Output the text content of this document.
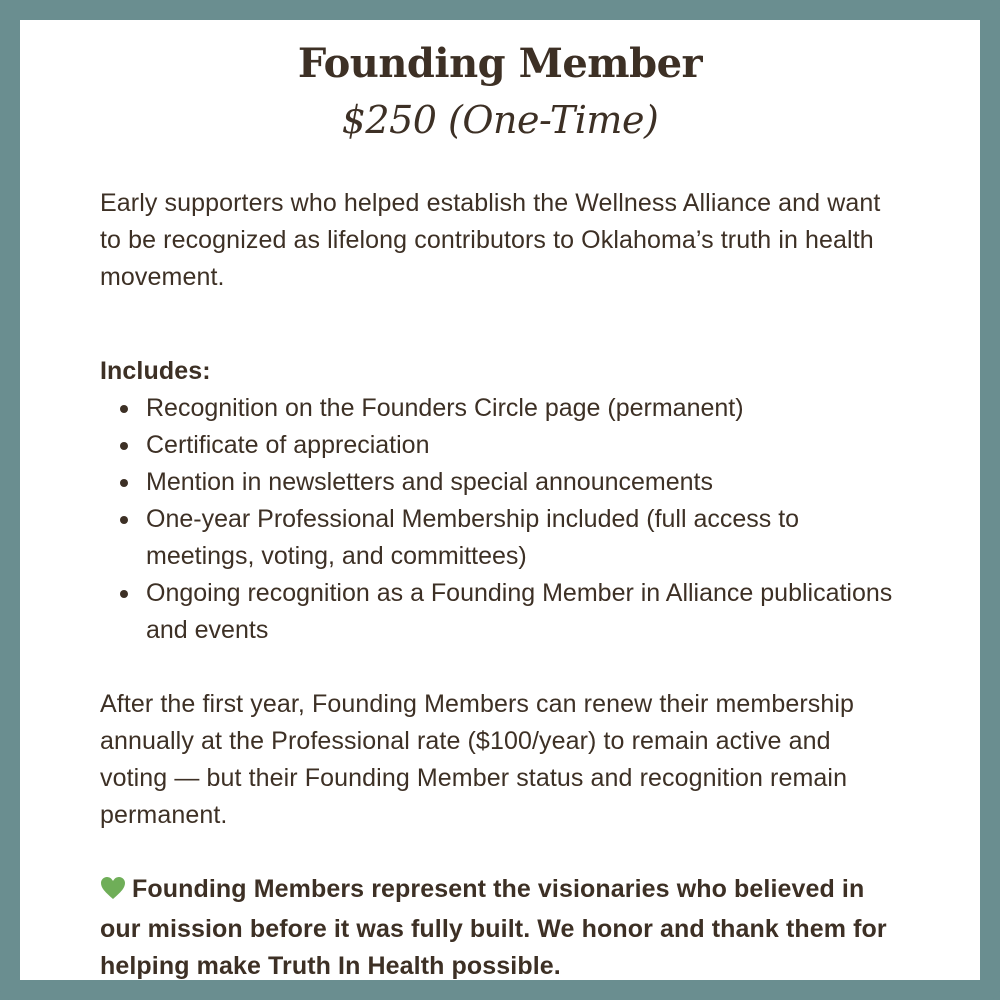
Founding Member
$250 (One-Time)
Early supporters who helped establish the Wellness Alliance and want to be recognized as lifelong contributors to Oklahoma’s truth in health movement.
Includes:
Recognition on the Founders Circle page (permanent)
Certificate of appreciation
Mention in newsletters and special announcements
One-year Professional Membership included (full access to meetings, voting, and committees)
Ongoing recognition as a Founding Member in Alliance publications and events
After the first year, Founding Members can renew their membership annually at the Professional rate ($100/year) to remain active and voting — but their Founding Member status and recognition remain permanent.
Founding Members represent the visionaries who believed in our mission before it was fully built. We honor and thank them for helping make Truth In Health possible.
